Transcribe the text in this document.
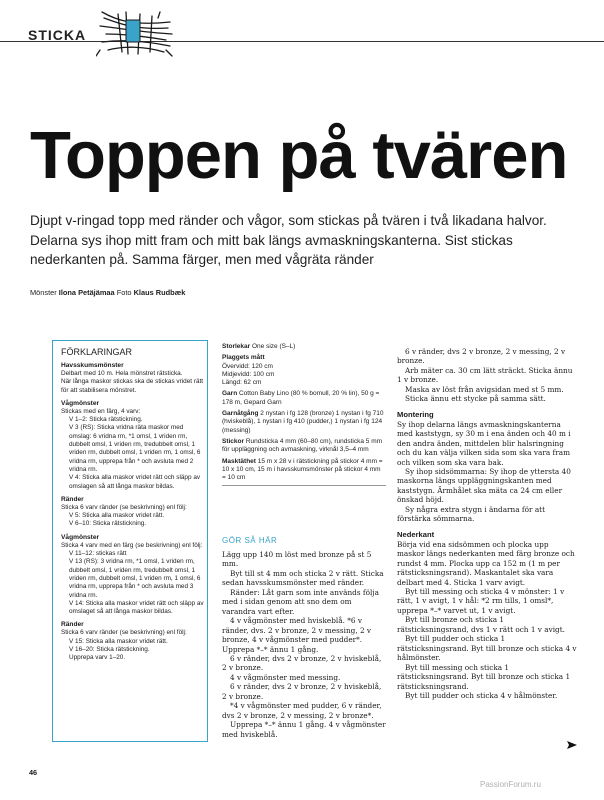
STICKA
Toppen på tvären
Djupt v-ringad topp med ränder och vågor, som stickas på tvären i två likadana halvor. Delarna sys ihop mitt fram och mitt bak längs avmaskningskanterna. Sist stickas nederkanten på. Samma färger, men med vågräta ränder
Mönster Ilona Petäjämaa Foto Klaus Rudbæk
FÖRKLARINGAR
Havsskumsmönster
Delbart med 10 m. Hela mönstret rätsticka.
När långa maskor stickas ska de stickas vridet rätt för att stabilisera mönstret.
Vågmönster
Stickas med en färg, 4 varv:
V 1–2: Sticka rätstickning.
V 3 (RS): Sticka vridna räta maskor med omslag: 6 vridna rm, *1 omsl, 1 vriden rm, dubbelt omsl, 1 vriden rm, tredubbelt omsl, 1 vriden rm, dubbelt omsl, 1 vriden rm, 1 omsl, 6 vridna rm, upprepa från * och avsluta med 2 vridna rm.
V 4: Sticka alla maskor vridet rätt och släpp av omslagen så att långa maskor bildas.
Ränder
Sticka 6 varv ränder (se beskrivning) enl följ:
V 5: Sticka alla maskor vridet rätt.
V 6–10: Sticka rätstickning.
Vågmönster
Sticka 4 varv med en färg (se beskrivning) enl följ:
V 11–12: stickas rätt
V 13 (RS): 3 vridna rm, *1 omsl, 1 vriden rm, dubbelt omsl, 1 vriden rm, tredubbelt omsl, 1 vriden rm, dubbelt omsl, 1 vriden rm, 1 omsl, 6 vridna rm, upprepa från * och avsluta med 3 vridna rm.
V 14: Sticka alla maskor vridet rätt och släpp av omslaget så att långa maskor bildas.
Ränder
Sticka 6 varv ränder (se beskrivning) enl följ:
V 15: Sticka alla maskor vridet rätt.
V 16–20: Sticka rätstickning.
Upprepa varv 1–20.
Storlekar One size (S–L)
Plaggets mått
Övervidd: 120 cm
Midjevidd: 100 cm
Längd: 62 cm
Garn Cotton Baby Lino (80 % bomull, 20 % lin), 50 g = 178 m, Gepard Garn
Garnåtgång 2 nystan i fg 128 (bronze) 1 nystan i fg 710 (hviskeblå), 1 nystan i fg 410 (pudder,) 1 nystan i fg 124 (messing)
Stickor Rundsticka 4 mm (60–80 cm), rundsticka 5 mm för uppläggning och avmaskning, virknål 3,5–4 mm
Masktäthet 15 m x 28 v i rätstickning på stickor 4 mm = 10 x 10 cm, 15 m i havsskumsmönster på stickor 4 mm = 10 cm
Lägg upp 140 m löst med bronze på st 5 mm.
Byt till st 4 mm och sticka 2 v rätt. Sticka sedan havsskumsmönster med ränder.
Ränder: Låt garn som inte används följa med i sidan genom att sno dem om varandra vart efter.
4 v vågmönster med hviskeblå. *6 v ränder, dvs. 2 v bronze, 2 v messing, 2 v bronze, 4 v vågmönster med pudder*. Upprepa *–* ännu 1 gång.
6 v ränder, dvs 2 v bronze, 2 v hviskeblå, 2 v bronze.
4 v vågmönster med messing.
6 v ränder, dvs 2 v bronze, 2 v hviskeblå, 2 v bronze.
*4 v vågmönster med pudder, 6 v ränder, dvs 2 v bronze, 2 v messing, 2 v bronze*.
Upprepa *–* ännu 1 gång. 4 v vågmönster med hviskeblå.
GÖR SÅ HÄR
6 v ränder, dvs 2 v bronze, 2 v messing, 2 v bronze.
Arb mäter ca. 30 cm lätt sträckt. Sticka ännu 1 v bronze.
Maska av löst från avigsidan med st 5 mm.
Sticka ännu ett stycke på samma sätt.
Montering
Sy ihop delarna längs avmaskningskanterna med kaststygn, sy 30 m i ena änden och 40 m i den andra änden, mittdelen blir halsringning och du kan välja vilken sida som ska vara fram och vilken som ska vara bak.
Sy ihop sidsömmarna: Sy ihop de yttersta 40 maskorna längs uppläggningskanten med kaststygn. Ärmhålet ska mäta ca 24 cm eller önskad höjd.
Sy några extra stygn i ändarna för att förstärka sömmarna.
Nederkant
Börja vid ena sidsömmen och plocka upp maskor längs nederkanten med färg bronze och rundst 4 mm. Plocka upp ca 152 m (1 m per rätsticksningsrand). Maskantalet ska vara delbart med 4. Sticka 1 varv avigt.
Byt till messing och sticka 4 v mönster: 1 v rätt, 1 v avigt, 1 v hål: *2 rm tills, 1 omsl*, upprepa *–* varvet ut, 1 v avigt.
Byt till bronze och sticka 1 rätsticksningsrand, dvs 1 v rätt och 1 v avigt.
Byt till pudder och sticka 1 rätsticksningsrand. Byt till bronze och sticka 4 v hålmönster.
Byt till messing och sticka 1 rätsticksningsrand. Byt till bronze och sticka 1 rätsticksningsrand.
Byt till pudder och sticka 4 v hålmönster.
46
PassionForum.ru
